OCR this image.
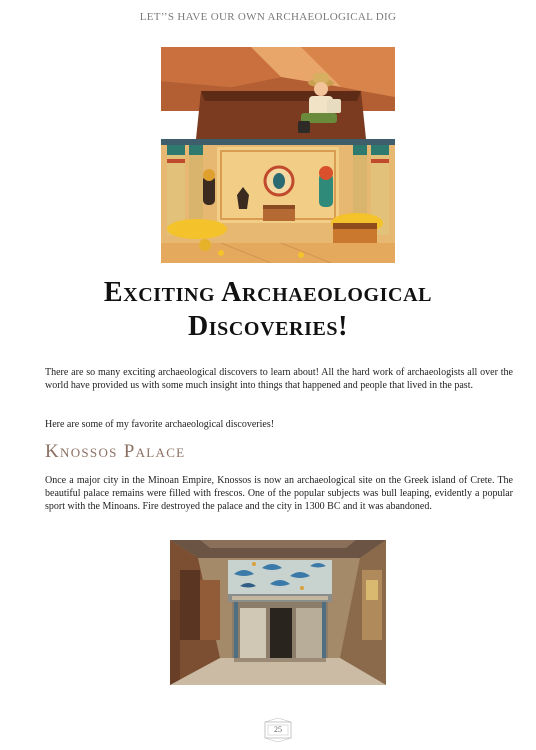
LET’’S HAVE OUR OWN ARCHAEOLOGICAL DIG
Exciting Archaeological
Discoveries!

There are so many exciting archaeological discovers to learn about! All the hard work of archaeologists all over the world have provided us with some much insight into things that happened and people that lived in the past.

Here are some of my favorite archaeological discoveries!

Knossos Palace

Once a major city in the Minoan Empire, Knossos is now an archaeological site on the Greek island of Crete. The beautiful palace remains were filled with frescos. One of the popular subjects was bull leaping, evidently a popular sport with the Minoans. Fire destroyed the palace and the city in 1300 BC and it was abandoned.

25
